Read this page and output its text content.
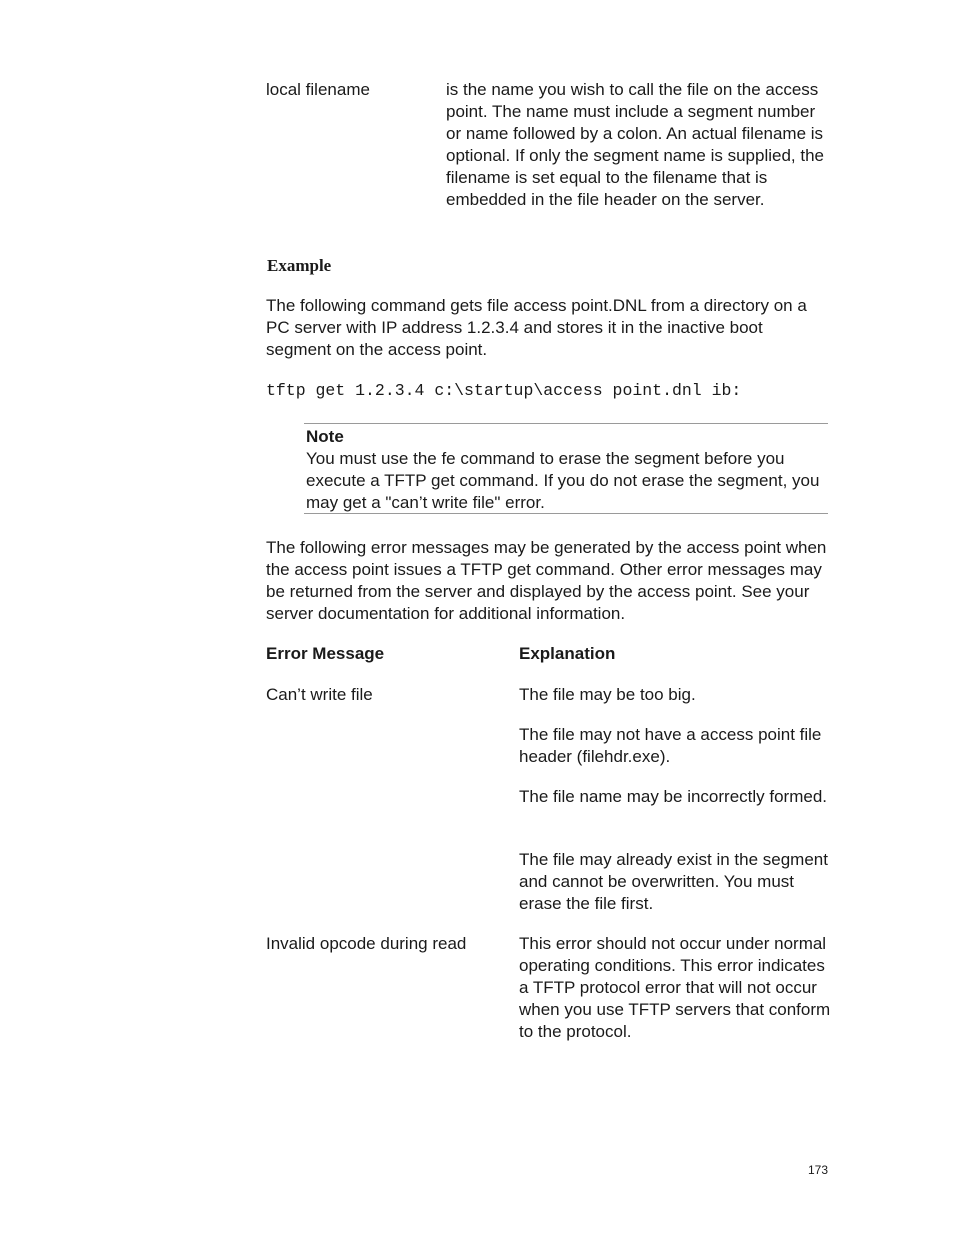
local filename	is the name you wish to call the file on the access point. The name must include a segment number or name followed by a colon. An actual filename is optional. If only the segment name is supplied, the filename is set equal to the filename that is embedded in the file header on the server.
Example
The following command gets file access point.DNL from a directory on a PC server with IP address 1.2.3.4 and stores it in the inactive boot segment on the access point.
tftp get 1.2.3.4 c:\startup\access point.dnl ib:
Note
You must use the fe command to erase the segment before you execute a TFTP get command. If you do not erase the segment, you may get a "can’t write file" error.
The following error messages may be generated by the access point when the access point issues a TFTP get command. Other error messages may be returned from the server and displayed by the access point. See your server documentation for additional information.
Error Message	Explanation
Can’t write file	The file may be too big.
The file may not have a access point file header (filehdr.exe).
The file name may be incorrectly formed.
The file may already exist in the segment and cannot be overwritten. You must erase the file first.
Invalid opcode during read	This error should not occur under normal operating conditions. This error indicates a TFTP protocol error that will not occur when you use TFTP servers that conform to the protocol.
173
